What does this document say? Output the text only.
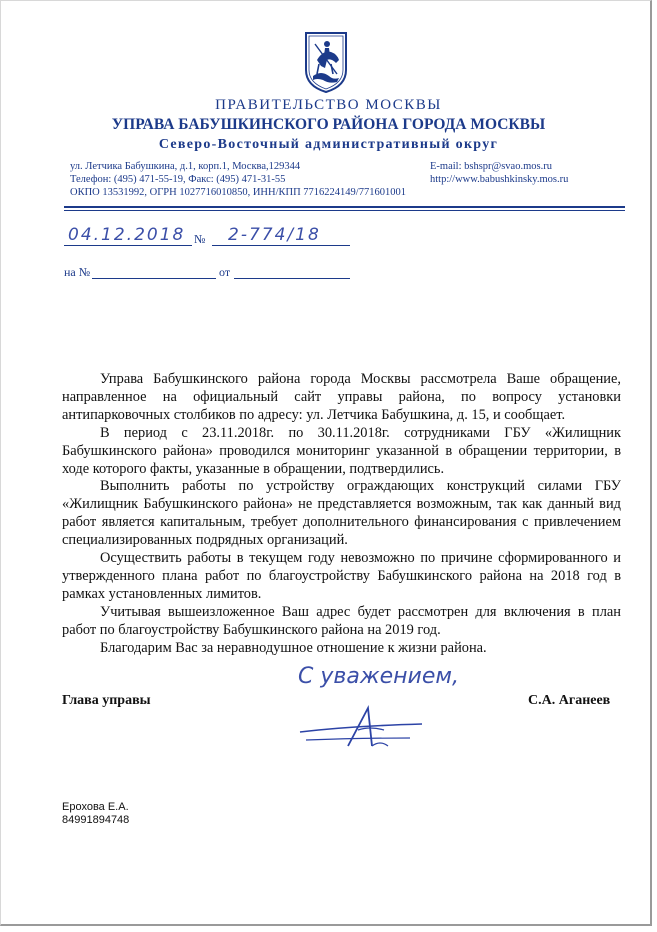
ПРАВИТЕЛЬСТВО МОСКВЫ
УПРАВА БАБУШКИНСКОГО РАЙОНА ГОРОДА МОСКВЫ
Северо-Восточный административный округ
ул. Летчика Бабушкина, д.1, корп.1, Москва,129344
Телефон: (495) 471-55-19, Факс: (495) 471-31-55
ОКПО 13531992, ОГРН 1027716010850, ИНН/КПП 7716224149/771601001
E-mail: bshspr@svao.mos.ru
http://www.babushkinsky.mos.ru
04.12.2018 № 2-774/18
на №	от

Управа Бабушкинского района города Москвы рассмотрела Ваше обращение, направленное на официальный сайт управы района, по вопросу установки антипарковочных столбиков по адресу: ул. Летчика Бабушкина, д. 15, и сообщает.

В период с 23.11.2018г. по 30.11.2018г. сотрудниками ГБУ «Жилищник Бабушкинского района» проводился мониторинг указанной в обращении территории, в ходе которого факты, указанные в обращении, подтвердились.

Выполнить работы по устройству ограждающих конструкций силами ГБУ «Жилищник Бабушкинского района» не представляется возможным, так как данный вид работ является капитальным, требует дополнительного финансирования с привлечением специализированных подрядных организаций.

Осуществить работы в текущем году невозможно по причине сформированного и утвержденного плана работ по благоустройству Бабушкинского района на 2018 год в рамках установленных лимитов.

Учитывая вышеизложенное Ваш адрес будет рассмотрен для включения в план работ по благоустройству Бабушкинского района на 2019 год.

Благодарим Вас за неравнодушное отношение к жизни района.

Глава управы	С.А. Аганеев
С уважением,
Ерохова Е.А.
84991894748
